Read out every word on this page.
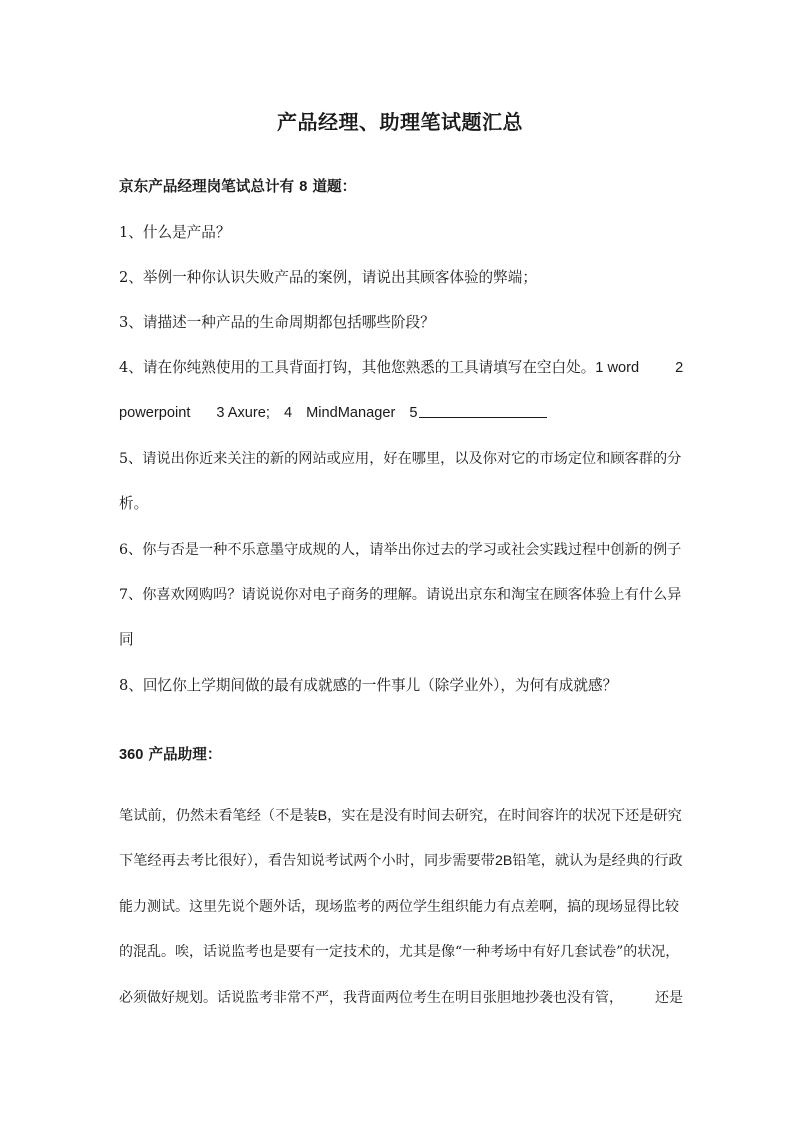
产品经理、助理笔试题汇总
京东产品经理岗笔试总计有 8 道题：
1、什么是产品？
2、举例一种你认识失败产品的案例，请说出其顾客体验的弊端；
3、请描述一种产品的生命周期都包括哪些阶段？
4、请在你纯熟使用的工具背面打钩，其他您熟悉的工具请填写在空白处。1 word 2
powerpoint 3 Axure; 4 MindManager 5
5、请说出你近来关注的新的网站或应用，好在哪里，以及你对它的市场定位和顾客群的分
析。
6、你与否是一种不乐意墨守成规的人，请举出你过去的学习或社会实践过程中创新的例子
7、你喜欢网购吗？请说说你对电子商务的理解。请说出京东和淘宝在顾客体验上有什么异
同
8、回忆你上学期间做的最有成就感的一件事儿（除学业外），为何有成就感？
360 产品助理：
笔试前，仍然未看笔经（不是装B，实在是没有时间去研究，在时间容许的状况下还是研究
下笔经再去考比很好），看告知说考试两个小时，同步需要带2B铅笔，就认为是经典的行政
能力测试。这里先说个题外话，现场监考的两位学生组织能力有点差啊，搞的现场显得比较
的混乱。唉，话说监考也是要有一定技术的，尤其是像“一种考场中有好几套试卷”的状况，
必须做好规划。话说监考非常不严，我背面两位考生在明目张胆地抄袭也没有管， 还是
